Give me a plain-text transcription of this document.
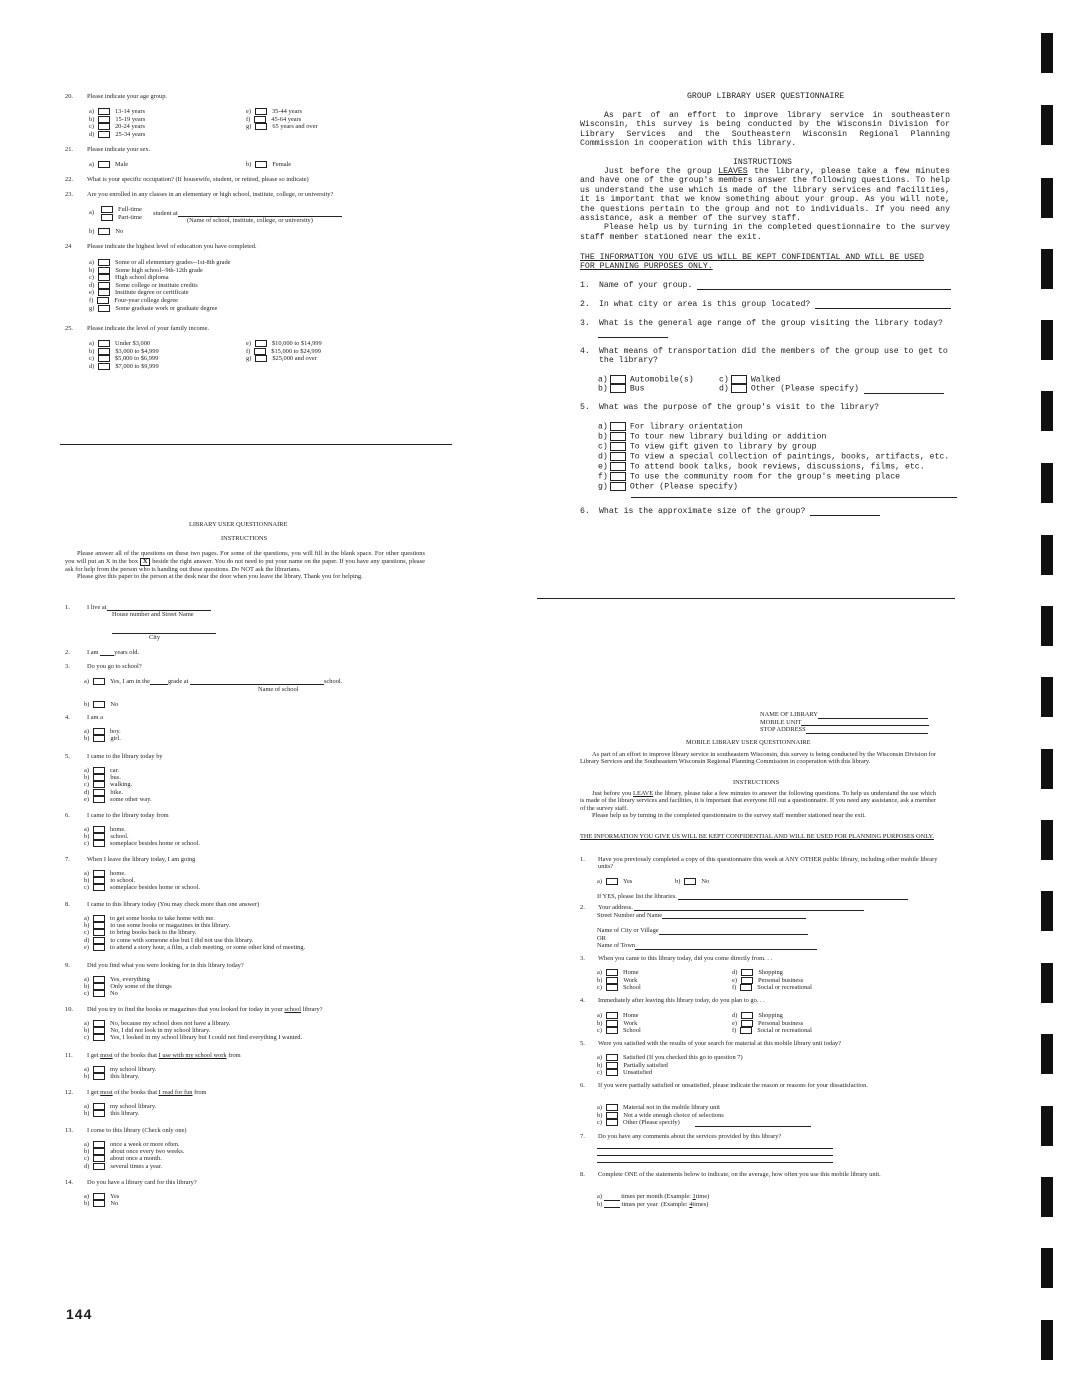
20. Please indicate your age group.
a)	13-14 years
b)	15-19 years
c)	20-24 years
d)	25-34 years
e)	35-44 years
f)	45-64 years
g)	65 years and over
21. Please indicate your sex.
a)	Male	b)	Female
22. What is your specific occupation? (If housewife, student, or retired, please so indicate)
23. Are you enrolled in any classes in an elementary or high school, institute, college, or university?
a)	Full-time
Part-time
student at
(Name of school, institute, college, or university)
b)	No
24 Please indicate the highest level of education you have completed.
a)	Some or all elementary grades--1st-8th grade
b)	Some high school--9th-12th grade
c)	High school diploma
d)	Some college or institute credits
e)	Institute degree or certificate
f)	Four-year college degree
g)	Some graduate work or graduate degree
25. Please indicate the level of your family income.
a)	Under $3,000
b)	$3,000 to $4,999
c)	$5,000 to $6,999
d)	$7,000 to $9,999
e)	$10,000 to $14,999
f)	$15,000 to $24,999
g)	$25,000 and over
LIBRARY USER QUESTIONNAIRE
INSTRUCTIONS
Please answer all of the questions on these two pages. For some of the questions, you will fill in the blank space. For other questions you will put an X in the box X beside the right answer. You do not need to put your name on the paper. If you have any questions, please ask for help from the person who is handing out these questions. Do NOT ask the librarians.
Please give this paper to the person at the desk near the door when you leave the library. Thank you for helping.
1.	I live at
House number and Street Name
City
2.	I am years old.
3.	Do you go to school?
a)	Yes, I am in the	grade at	school.
Name of school
b)	No
4.	I am a
a)	boy.
b)	girl.
5.	I came to the library today by
a)	car.
b)	bus.
c)	walking.
d)	bike.
e)	some other way.
6.	I came to the library today from
a)	home.
b)	school.
c)	someplace besides home or school.
7.	When I leave the library today, I am going
a)	home.
b)	to school.
c)	someplace besides home or school.
8.	I came to this library today (You may check more than one answer)
a)	to get some books to take home with me.
b)	to use some books or magazines in this library.
c)	to bring books back to the library.
d)	to come with someone else but I did not use this library.
e)	to attend a story hour, a film, a club meeting, or some other kind of meeting.
9.	Did you find what you were looking for in this library today?
a)	Yes, everything
b)	Only some of the things
c)	No
10. Did you try to find the books or magazines that you looked for today in your school library?
a)	No, because my school does not have a library.
b)	No, I did not look in my school library.
c)	Yes, I looked in my school library but I could not find everything I wanted.
11. I get most of the books that I use with my school work from
a)	my school library.
b)	this library.
12. I get most of the books that I read for fun from
a)	my school library.
b)	this library.
13. I come to this library (Check only one)
a)	once a week or more often.
b)	about once every two weeks.
c)	about once a month.
d)	several times a year.
14. Do you have a library card for this library?
a)	Yes
b)	No
144
GROUP LIBRARY USER QUESTIONNAIRE
As part of an effort to improve library service in southeastern Wisconsin, this survey is being conducted by the Wisconsin Division for Library Services and the Southeastern Wisconsin Regional Planning Commission in cooperation with this library.
INSTRUCTIONS
Just before the group LEAVES the library, please take a few minutes and have one of the group's members answer the following questions. To help us understand the use which is made of the library services and facilities, it is important that we know something about your group. As you will note, the questions pertain to the group and not to individuals. If you need any assistance, ask a member of the survey staff.
Please help us by turning in the completed questionnaire to the survey staff member stationed near the exit.
THE INFORMATION YOU GIVE US WILL BE KEPT CONFIDENTIAL AND WILL BE USED FOR PLANNING PURPOSES ONLY.
1. Name of your group.
2. In what city or area is this group located?
3. What is the general age range of the group visiting the library today?
4. What means of transportation did the members of the group use to get to the library?
a)	Automobile(s)
b)	Bus
c)	Walked
d)	Other (Please specify)
5. What was the purpose of the group's visit to the library?
a)	For library orientation
b)	To tour new library building or addition
c)	To view gift given to library by group
d)	To view a special collection of paintings, books, artifacts, etc.
e)	To attend book talks, book reviews, discussions, films, etc.
f)	To use the community room for the group's meeting place
g)	Other (Please specify)
6. What is the approximate size of the group?
NAME OF LIBRARY
MOBILE UNIT
STOP ADDRESS
MOBILE LIBRARY USER QUESTIONNAIRE
As part of an effort to improve library service in southeastern Wisconsin, this survey is being conducted by the Wisconsin Division for Library Services and the Southeastern Wisconsin Regional Planning Commission in cooperation with this library.
INSTRUCTIONS
Just before you LEAVE the library, please take a few minutes to answer the following questions. To help us understand the use which is made of the library services and facilities, it is important that everyone fill out a questionnaire. If you need any assistance, ask a member of the survey staff.
Please help us by turning in the completed questionnaire to the survey staff member stationed near the exit.
THE INFORMATION YOU GIVE US WILL BE KEPT CONFIDENTIAL AND WILL BE USED FOR PLANNING PURPOSES ONLY.
1. Have you previously completed a copy of this questionnaire this week at ANY OTHER public library, including other mobile library units?
a)	Yes	b)	No
If YES, please list the libraries.
2. Your address.
Street Number and Name
Name of City or Village
OR
Name of Town
3. When you came to this library today, did you come directly from. . .
a)	Home
b)	Work
c)	School
d)	Shopping
e)	Personal business
f)	Social or recreational
4. Immediately after leaving this library today, do you plan to go. . .
a)	Home
b)	Work
c)	School
d)	Shopping
e)	Personal business
f)	Social or recreational
5. Were you satisfied with the results of your search for material at this mobile library unit today?
a)	Satisfied (If you checked this go to question 7)
b)	Partially satisfied
c)	Unsatisfied
6. If you were partially satisfied or unsatisfied, please indicate the reason or reasons for your dissatisfaction.
a)	Material not in the mobile library unit
b)	Not a wide enough choice of selections
c)	Other (Please specify)
7. Do you have any comments about the services provided by this library?
8. Complete ONE of the statements below to indicate, on the average, how often you use this mobile library unit.
a)	times per month (Example: 1time)
b)	times per year (Example: 4times)
